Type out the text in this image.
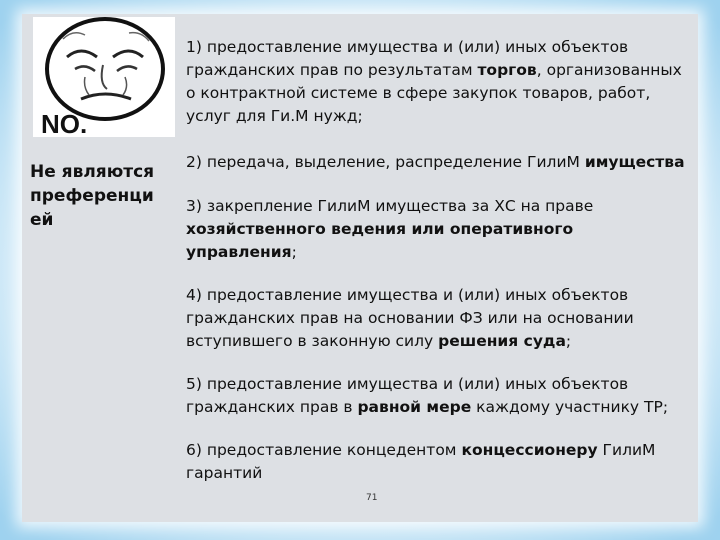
NO.
Не являются преференци ей

1) предоставление имущества и (или) иных объектов гражданских прав по результатам торгов, организованных о контрактной системе в сфере закупок товаров, работ, услуг для Ги.М нужд;

2) передача, выделение, распределение ГилиМ имущества

3) закрепление ГилиМ имущества за ХС на праве хозяйственного ведения или оперативного управления;

4) предоставление имущества и (или) иных объектов гражданских прав на основании ФЗ или на основании вступившего в законную силу решения суда;

5) предоставление имущества и (или) иных объектов гражданских прав в равной мере каждому участнику ТР;

6) предоставление концедентом концессионеру ГилиМ гарантий

71
